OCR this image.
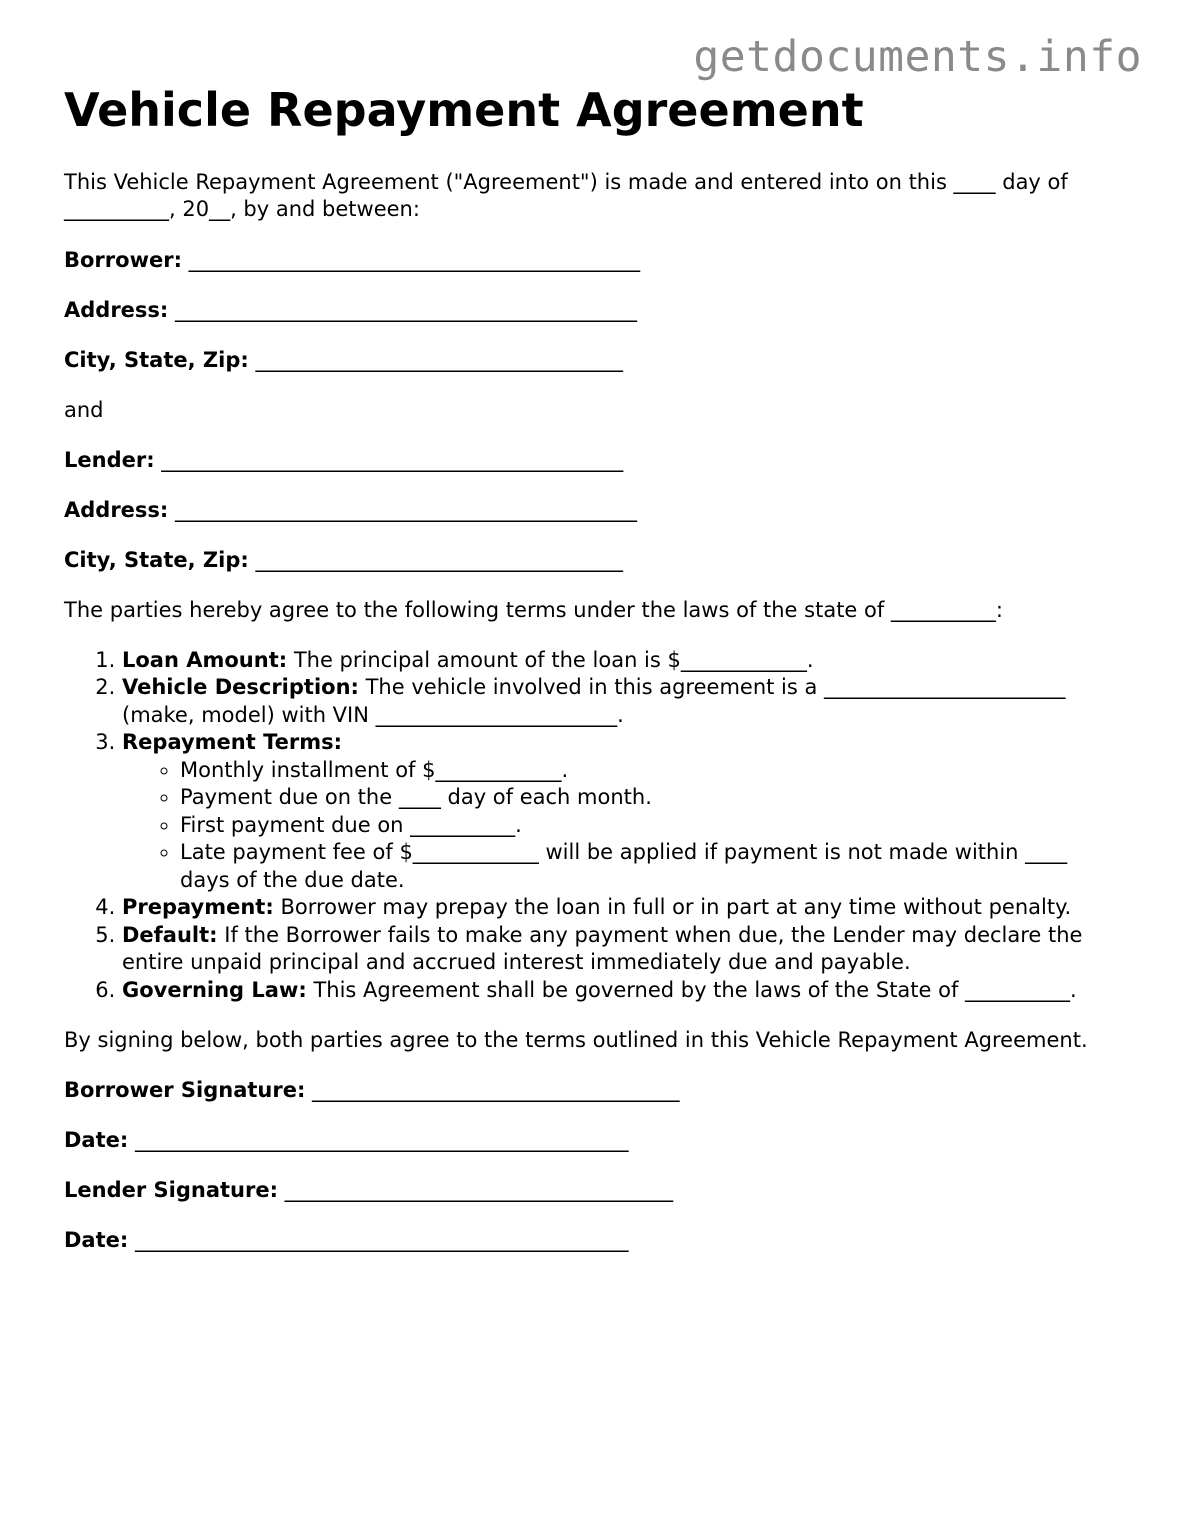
getdocuments.info
Vehicle Repayment Agreement

This Vehicle Repayment Agreement ("Agreement") is made and entered into on this ____ day of __________, 20__, by and between:

Borrower: ___________________________________________

Address: ____________________________________________

City, State, Zip: ___________________________________

and

Lender: ____________________________________________

Address: ____________________________________________

City, State, Zip: ___________________________________

The parties hereby agree to the following terms under the laws of the state of __________:

1. Loan Amount: The principal amount of the loan is $____________.
2. Vehicle Description: The vehicle involved in this agreement is a _______________________ (make, model) with VIN _______________________.
3. Repayment Terms:
◦ Monthly installment of $____________.
◦ Payment due on the ____ day of each month.
◦ First payment due on __________.
◦ Late payment fee of $____________ will be applied if payment is not made within ____ days of the due date.
4. Prepayment: Borrower may prepay the loan in full or in part at any time without penalty.
5. Default: If the Borrower fails to make any payment when due, the Lender may declare the entire unpaid principal and accrued interest immediately due and payable.
6. Governing Law: This Agreement shall be governed by the laws of the State of __________.

By signing below, both parties agree to the terms outlined in this Vehicle Repayment Agreement.

Borrower Signature: ___________________________________

Date: _______________________________________________

Lender Signature: _____________________________________

Date: _______________________________________________
